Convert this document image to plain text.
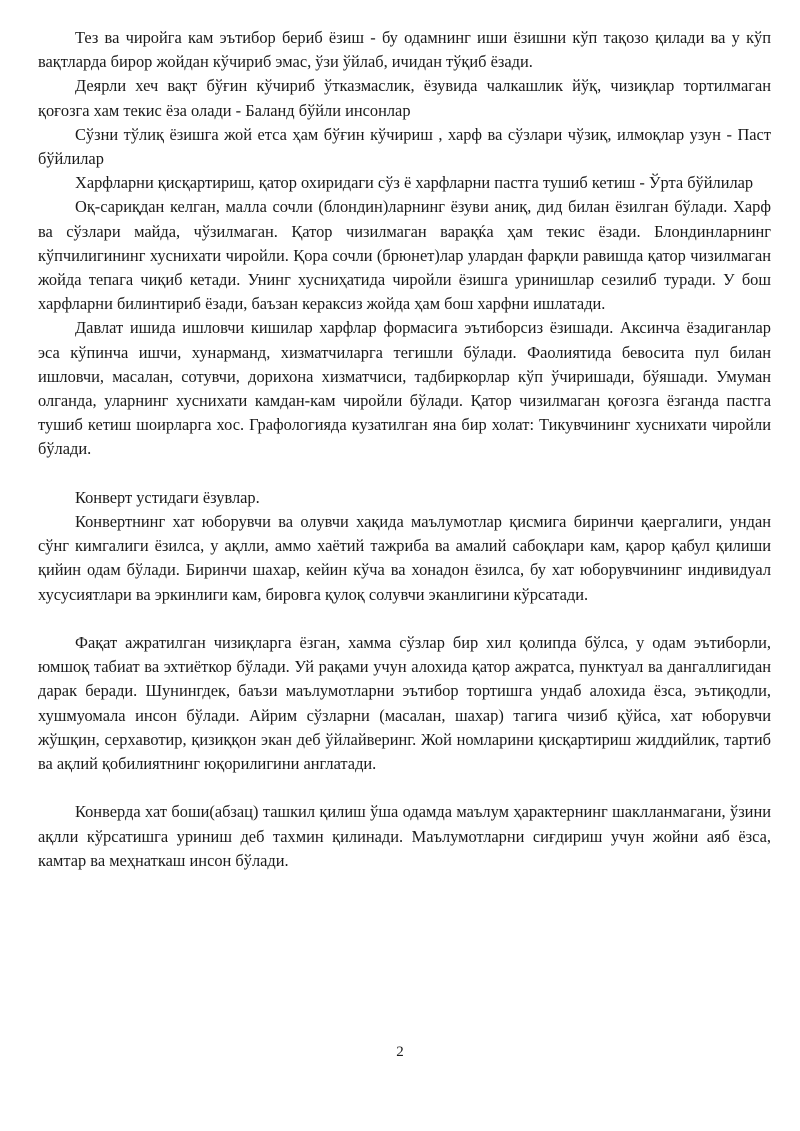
Тез ва чиройга кам эътибор бериб ёзиш - бу одамнинг иши ёзишни кўп тақозо қилади ва у кўп вақтларда бирор жойдан кўчириб эмас, ўзи ўйлаб, ичидан тўқиб ёзади.

Деярли хеч вақт бўғин кўчириб ўтказмаслик, ёзувида чалкашлик йўқ, чизиқлар тортилмаган қоғозга хам текис ёза олади - Баланд бўйли инсонлар

Сўзни тўлиқ ёзишга жой етса ҳам бўғин кўчириш , харф ва сўзлари чўзиқ, илмоқлар узун - Паст бўйлилар

Харфларни қисқартириш, қатор охиридаги сўз ё харфларни пастга тушиб кетиш - Ўрта бўйлилар

Оқ-сариқдан келган, малла сочли (блондин)ларнинг ёзуви аниқ, дид билан ёзилган бўлади. Харф ва сўзлари майда, чўзилмаган. Қатор чизилмаган варақќа ҳам текис ёзади. Блондинларнинг кўпчилигининг хуснихати чиройли. Қора сочли (брюнет)лар улардан фарқли равишда қатор чизилмаган жойда тепага чиқиб кетади. Унинг хусниҳатида чиройли ёзишга уринишлар сезилиб туради. У бош харфларни билинтириб ёзади, баъзан кераксиз жойда ҳам бош харфни ишлатади.

Давлат ишида ишловчи кишилар харфлар формасига эътиборсиз ёзишади. Аксинча ёзадиганлар эса кўпинча ишчи, хунарманд, хизматчиларга тегишли бўлади. Фаолиятида бевосита пул билан ишловчи, масалан, сотувчи, дорихона хизматчиси, тадбиркорлар кўп ўчиришади, бўяшади. Умуман олганда, уларнинг хуснихати камдан-кам чиройли бўлади. Қатор чизилмаган қоғозга ёзганда пастга тушиб кетиш шоирларга хос. Графологияда кузатилган яна бир холат: Тикувчининг хуснихати чиройли бўлади.

Конверт устидаги ёзувлар.

Конвертнинг хат юборувчи ва олувчи хақида маълумотлар қисмига биринчи қаергалиги, ундан сўнг кимгалиги ёзилса, у ақлли, аммо хаётий тажриба ва амалий сабоқлари кам, қарор қабул қилиши қийин одам бўлади. Биринчи шахар, кейин кўча ва хонадон ёзилса, бу хат юборувчининг индивидуал хусусиятлари ва эркинлиги кам, бировга қулоқ солувчи эканлигини кўрсатади.

Фақат ажратилган чизиқларга ёзган, хамма сўзлар бир хил қолипда бўлса, у одам эътиборли, юмшоқ табиат ва эхтиёткор бўлади. Уй рақами учун алохида қатор ажратса, пунктуал ва дангаллигидан дарак беради. Шунингдек, баъзи маълумотларни эътибор тортишга ундаб алохида ёзса, эътиқодли, хушмуомала инсон бўлади. Айрим сўзларни (масалан, шахар) тагига чизиб қўйса, хат юборувчи жўшқин, серхавотир, қизиққон экан деб ўйлайверинг. Жой номларини қисқартириш жиддийлик, тартиб ва ақлий қобилиятнинг юқорилигини англатади.

Конверда хат боши(абзац) ташкил қилиш ўша одамда маълум ҳарактернинг шаклланмагани, ўзини ақлли кўрсатишга уриниш деб тахмин қилинади. Маълумотларни сиғдириш учун жойни аяб ёзса, камтар ва меҳнаткаш инсон бўлади.

2
